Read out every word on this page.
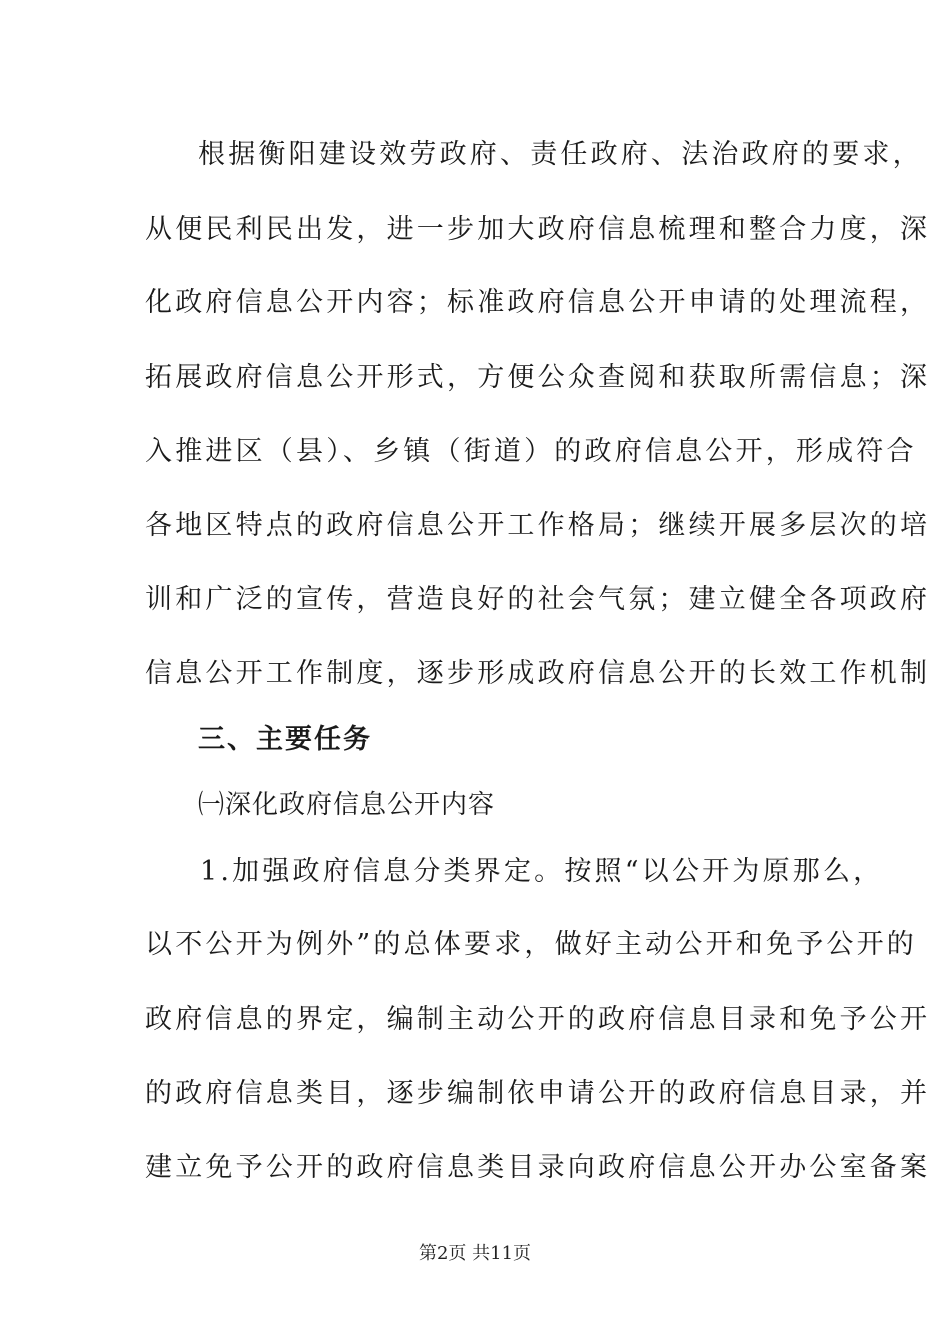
根据衡阳建设效劳政府、责任政府、法治政府的要求，
从便民利民出发，进一步加大政府信息梳理和整合力度，深
化政府信息公开内容；标准政府信息公开申请的处理流程，
拓展政府信息公开形式，方便公众查阅和获取所需信息；深
入推进区（县）、乡镇（街道）的政府信息公开，形成符合
各地区特点的政府信息公开工作格局；继续开展多层次的培
训和广泛的宣传，营造良好的社会气氛；建立健全各项政府
信息公开工作制度，逐步形成政府信息公开的长效工作机制
三、主要任务
㈠深化政府信息公开内容
1.加强政府信息分类界定。按照“以公开为原那么，
以不公开为例外”的总体要求，做好主动公开和免予公开的
政府信息的界定，编制主动公开的政府信息目录和免予公开
的政府信息类目，逐步编制依申请公开的政府信息目录，并
建立免予公开的政府信息类目录向政府信息公开办公室备案
第2页 共11页
